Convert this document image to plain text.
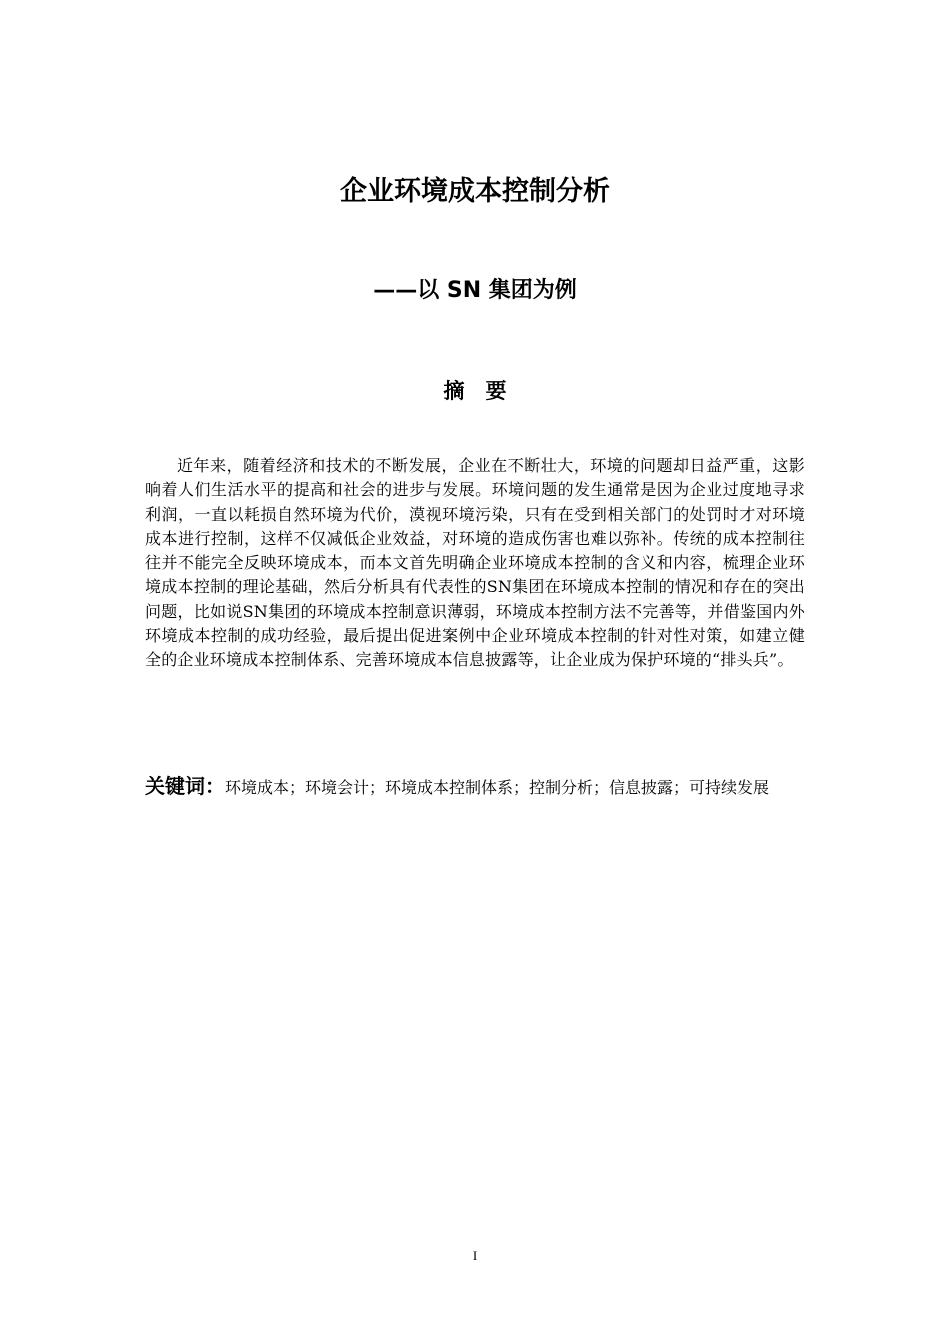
企业环境成本控制分析
——以 SN 集团为例
摘　要

近年来，随着经济和技术的不断发展，企业在不断壮大，环境的问题却日益严重，这影响着人们生活水平的提高和社会的进步与发展。环境问题的发生通常是因为企业过度地寻求利润，一直以耗损自然环境为代价，漠视环境污染，只有在受到相关部门的处罚时才对环境成本进行控制，这样不仅减低企业效益，对环境的造成伤害也难以弥补。传统的成本控制往往并不能完全反映环境成本，而本文首先明确企业环境成本控制的含义和内容，梳理企业环境成本控制的理论基础，然后分析具有代表性的SN集团在环境成本控制的情况和存在的突出问题，比如说SN集团的环境成本控制意识薄弱，环境成本控制方法不完善等，并借鉴国内外环境成本控制的成功经验，最后提出促进案例中企业环境成本控制的针对性对策，如建立健全的企业环境成本控制体系、完善环境成本信息披露等，让企业成为保护环境的“排头兵”。

关键词：环境成本；环境会计；环境成本控制体系；控制分析；信息披露；可持续发展

I
